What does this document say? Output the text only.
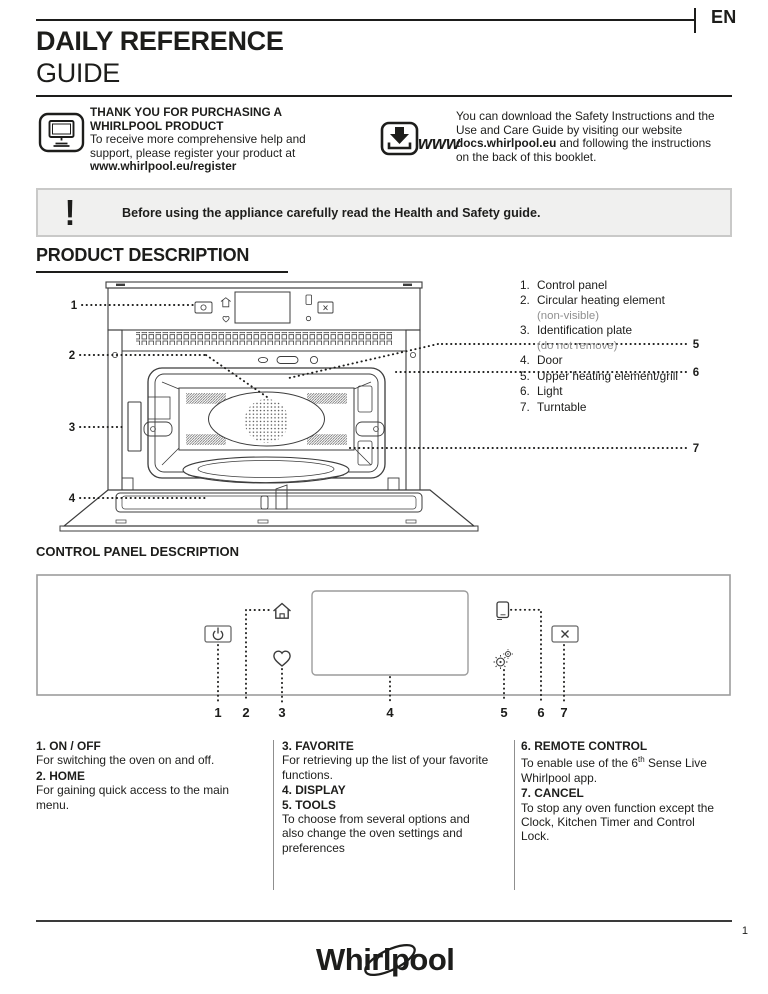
EN
DAILY REFERENCE
GUIDE
THANK YOU FOR PURCHASING A WHIRLPOOL PRODUCT
To receive more comprehensive help and support, please register your product at www.whirlpool.eu/register
www
You can download the Safety Instructions and the Use and Care Guide by visiting our website docs.whirlpool.eu and following the instructions on the back of this booklet.
!	Before using the appliance carefully read the Health and Safety guide.
PRODUCT DESCRIPTION
1
2
3
4
5
6
7
1. Control panel
2. Circular heating element
(non-visible)
3. Identification plate
(do not remove)
4. Door
5. Upper heating element/grill
6. Light
7. Turntable
CONTROL PANEL DESCRIPTION
1 2 3	4	5 6 7

1. ON / OFF

For switching the oven on and off.

2. HOME

For gaining quick access to the main menu.

3. FAVORITE

For retrieving up the list of your favorite functions.

4. DISPLAY

5. TOOLS

To choose from several options and also change the oven settings and preferences

6. REMOTE CONTROL

To enable use of the 6th Sense Live Whirlpool app.

7. CANCEL

To stop any oven function except the Clock, Kitchen Timer and Control Lock.

1
Whirlpool
